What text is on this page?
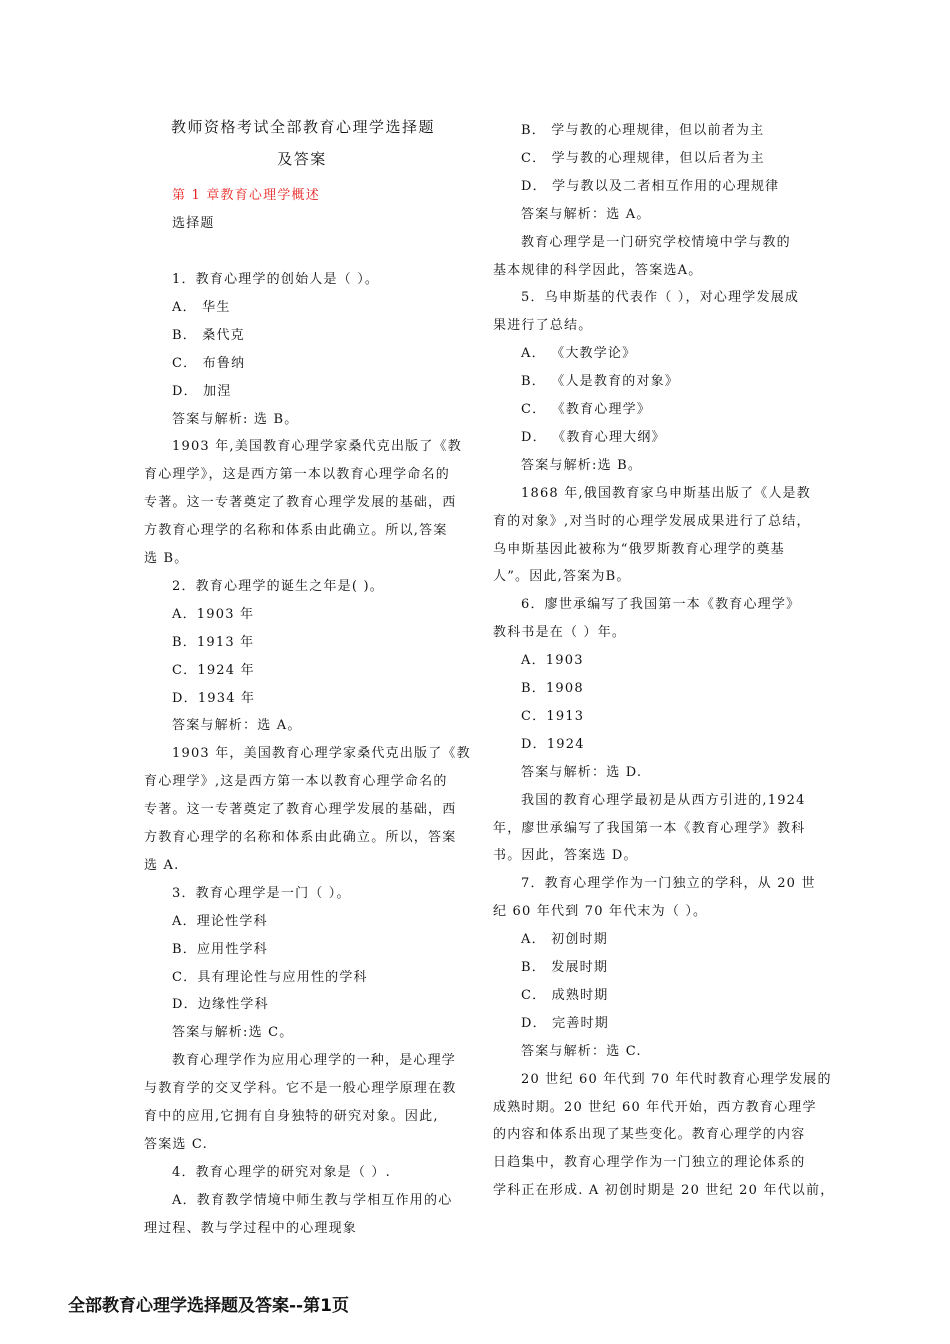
教师资格考试全部教育心理学选择题
及答案
第 1 章教育心理学概述
选择题
1．教育心理学的创始人是（ ）。
A． 华生
B． 桑代克
C． 布鲁纳
D． 加涅
答案与解析: 选 B。
1903 年,美国教育心理学家桑代克出版了《教
育心理学》，这是西方第一本以教育心理学命名的
专著。这一专著奠定了教育心理学发展的基础，西
方教育心理学的名称和体系由此确立。所以,答案
选 B。
2．教育心理学的诞生之年是( )。
A．1903 年
B．1913 年
C．1924 年
D．1934 年
答案与解析：选 A。
1903 年，美国教育心理学家桑代克出版了《教
育心理学》,这是西方第一本以教育心理学命名的
专著。这一专著奠定了教育心理学发展的基础，西
方教育心理学的名称和体系由此确立。所以，答案
选 A.
3．教育心理学是一门（ ）。
A．理论性学科
B．应用性学科
C．具有理论性与应用性的学科
D．边缘性学科
答案与解析:选 C。
教育心理学作为应用心理学的一种，是心理学
与教育学的交叉学科。它不是一般心理学原理在教
育中的应用,它拥有自身独特的研究对象。因此,
答案选 C.
4．教育心理学的研究对象是（ ）.
A．教育教学情境中师生教与学相互作用的心
理过程、教与学过程中的心理现象
B． 学与教的心理规律，但以前者为主
C． 学与教的心理规律，但以后者为主
D． 学与教以及二者相互作用的心理规律
答案与解析：选 A。
教育心理学是一门研究学校情境中学与教的
基本规律的科学因此，答案选A。
5．乌申斯基的代表作（ ），对心理学发展成
果进行了总结。
A． 《大教学论》
B． 《人是教育的对象》
C． 《教育心理学》
D． 《教育心理大纲》
答案与解析:选 B。
1868 年,俄国教育家乌申斯基出版了《人是教
育的对象》,对当时的心理学发展成果进行了总结，
乌申斯基因此被称为“俄罗斯教育心理学的奠基
人”。因此,答案为B。
6．廖世承编写了我国第一本《教育心理学》
教科书是在（ ）年。
A．1903
B．1908
C．1913
D．1924
答案与解析：选 D.
我国的教育心理学最初是从西方引进的,1924
年，廖世承编写了我国第一本《教育心理学》教科
书。因此，答案选 D。
7．教育心理学作为一门独立的学科，从 20 世
纪 60 年代到 70 年代末为（ ）。
A． 初创时期
B． 发展时期
C． 成熟时期
D． 完善时期
答案与解析：选 C.
20 世纪 60 年代到 70 年代时教育心理学发展的
成熟时期。20 世纪 60 年代开始，西方教育心理学
的内容和体系出现了某些变化。教育心理学的内容
日趋集中，教育心理学作为一门独立的理论体系的
学科正在形成. A 初创时期是 20 世纪 20 年代以前，
全部教育心理学选择题及答案--第1页
